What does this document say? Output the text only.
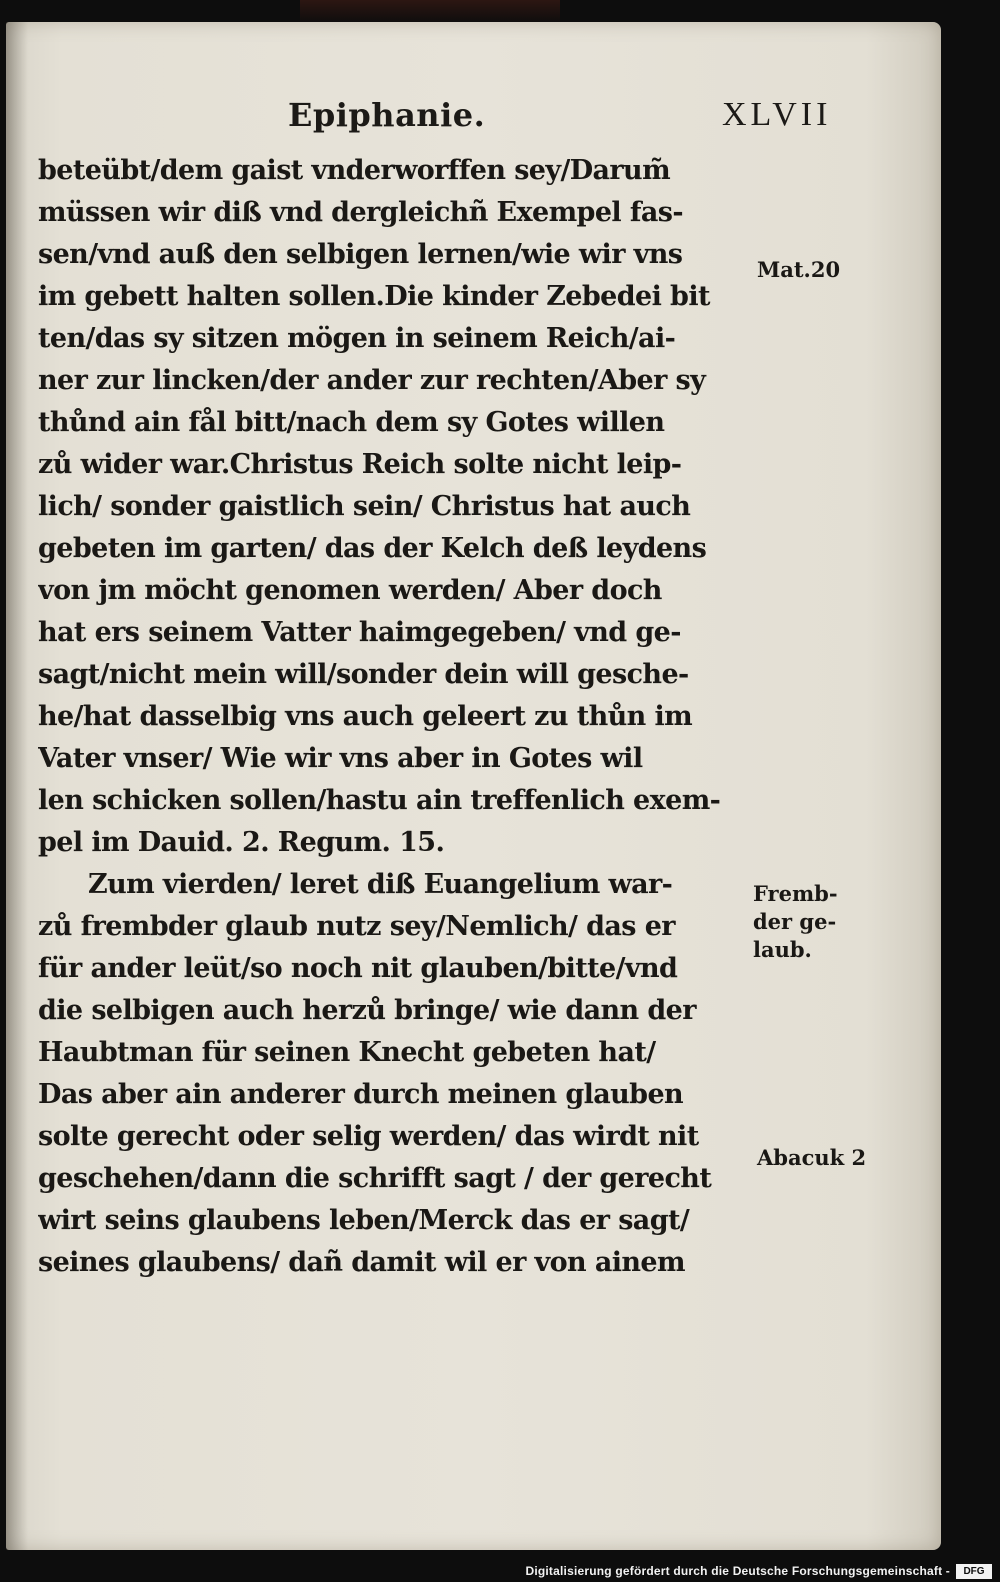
Epiphanie.	XLVII
beteübt/dem gaist vnderworffen sey/Darum̃
müssen wir diß vnd dergleichñ Exempel fas-
sen/vnd auß den selbigen lernen/wie wir vns
im gebett halten sollen.Die kinder Zebedei bit
ten/das sy sitzen mögen in seinem Reich/ai-
ner zur lincken/der ander zur rechten/Aber sy
thůnd ain fål bitt/nach dem sy Gotes willen
zů wider war.Christus Reich solte nicht leip-
lich/ sonder gaistlich sein/ Christus hat auch
gebeten im garten/ das der Kelch deß leydens
von jm möcht genomen werden/ Aber doch
hat ers seinem Vatter haimgegeben/ vnd ge-
sagt/nicht mein will/sonder dein will gesche-
he/hat dasselbig vns auch geleert zu thůn im
Vater vnser/ Wie wir vns aber in Gotes wil
len schicken sollen/hastu ain treffenlich exem-
pel im Dauid. 2. Regum. 15.
Zum vierden/ leret diß Euangelium war-
zů frembder glaub nutz sey/Nemlich/ das er
für ander leüt/so noch nit glauben/bitte/vnd
die selbigen auch herzů bringe/ wie dann der
Haubtman für seinen Knecht gebeten hat/
Das aber ain anderer durch meinen glauben
solte gerecht oder selig werden/ das wirdt nit
geschehen/dann die schrifft sagt / der gerecht
wirt seins glaubens leben/Merck das er sagt/
seines glaubens/ dañ damit wil er von ainem
Mat.20
Fremb-
der ge-
laub.
Abacuk 2
Digitalisierung gefördert durch die Deutsche Forschungsgemeinschaft -	DFG
